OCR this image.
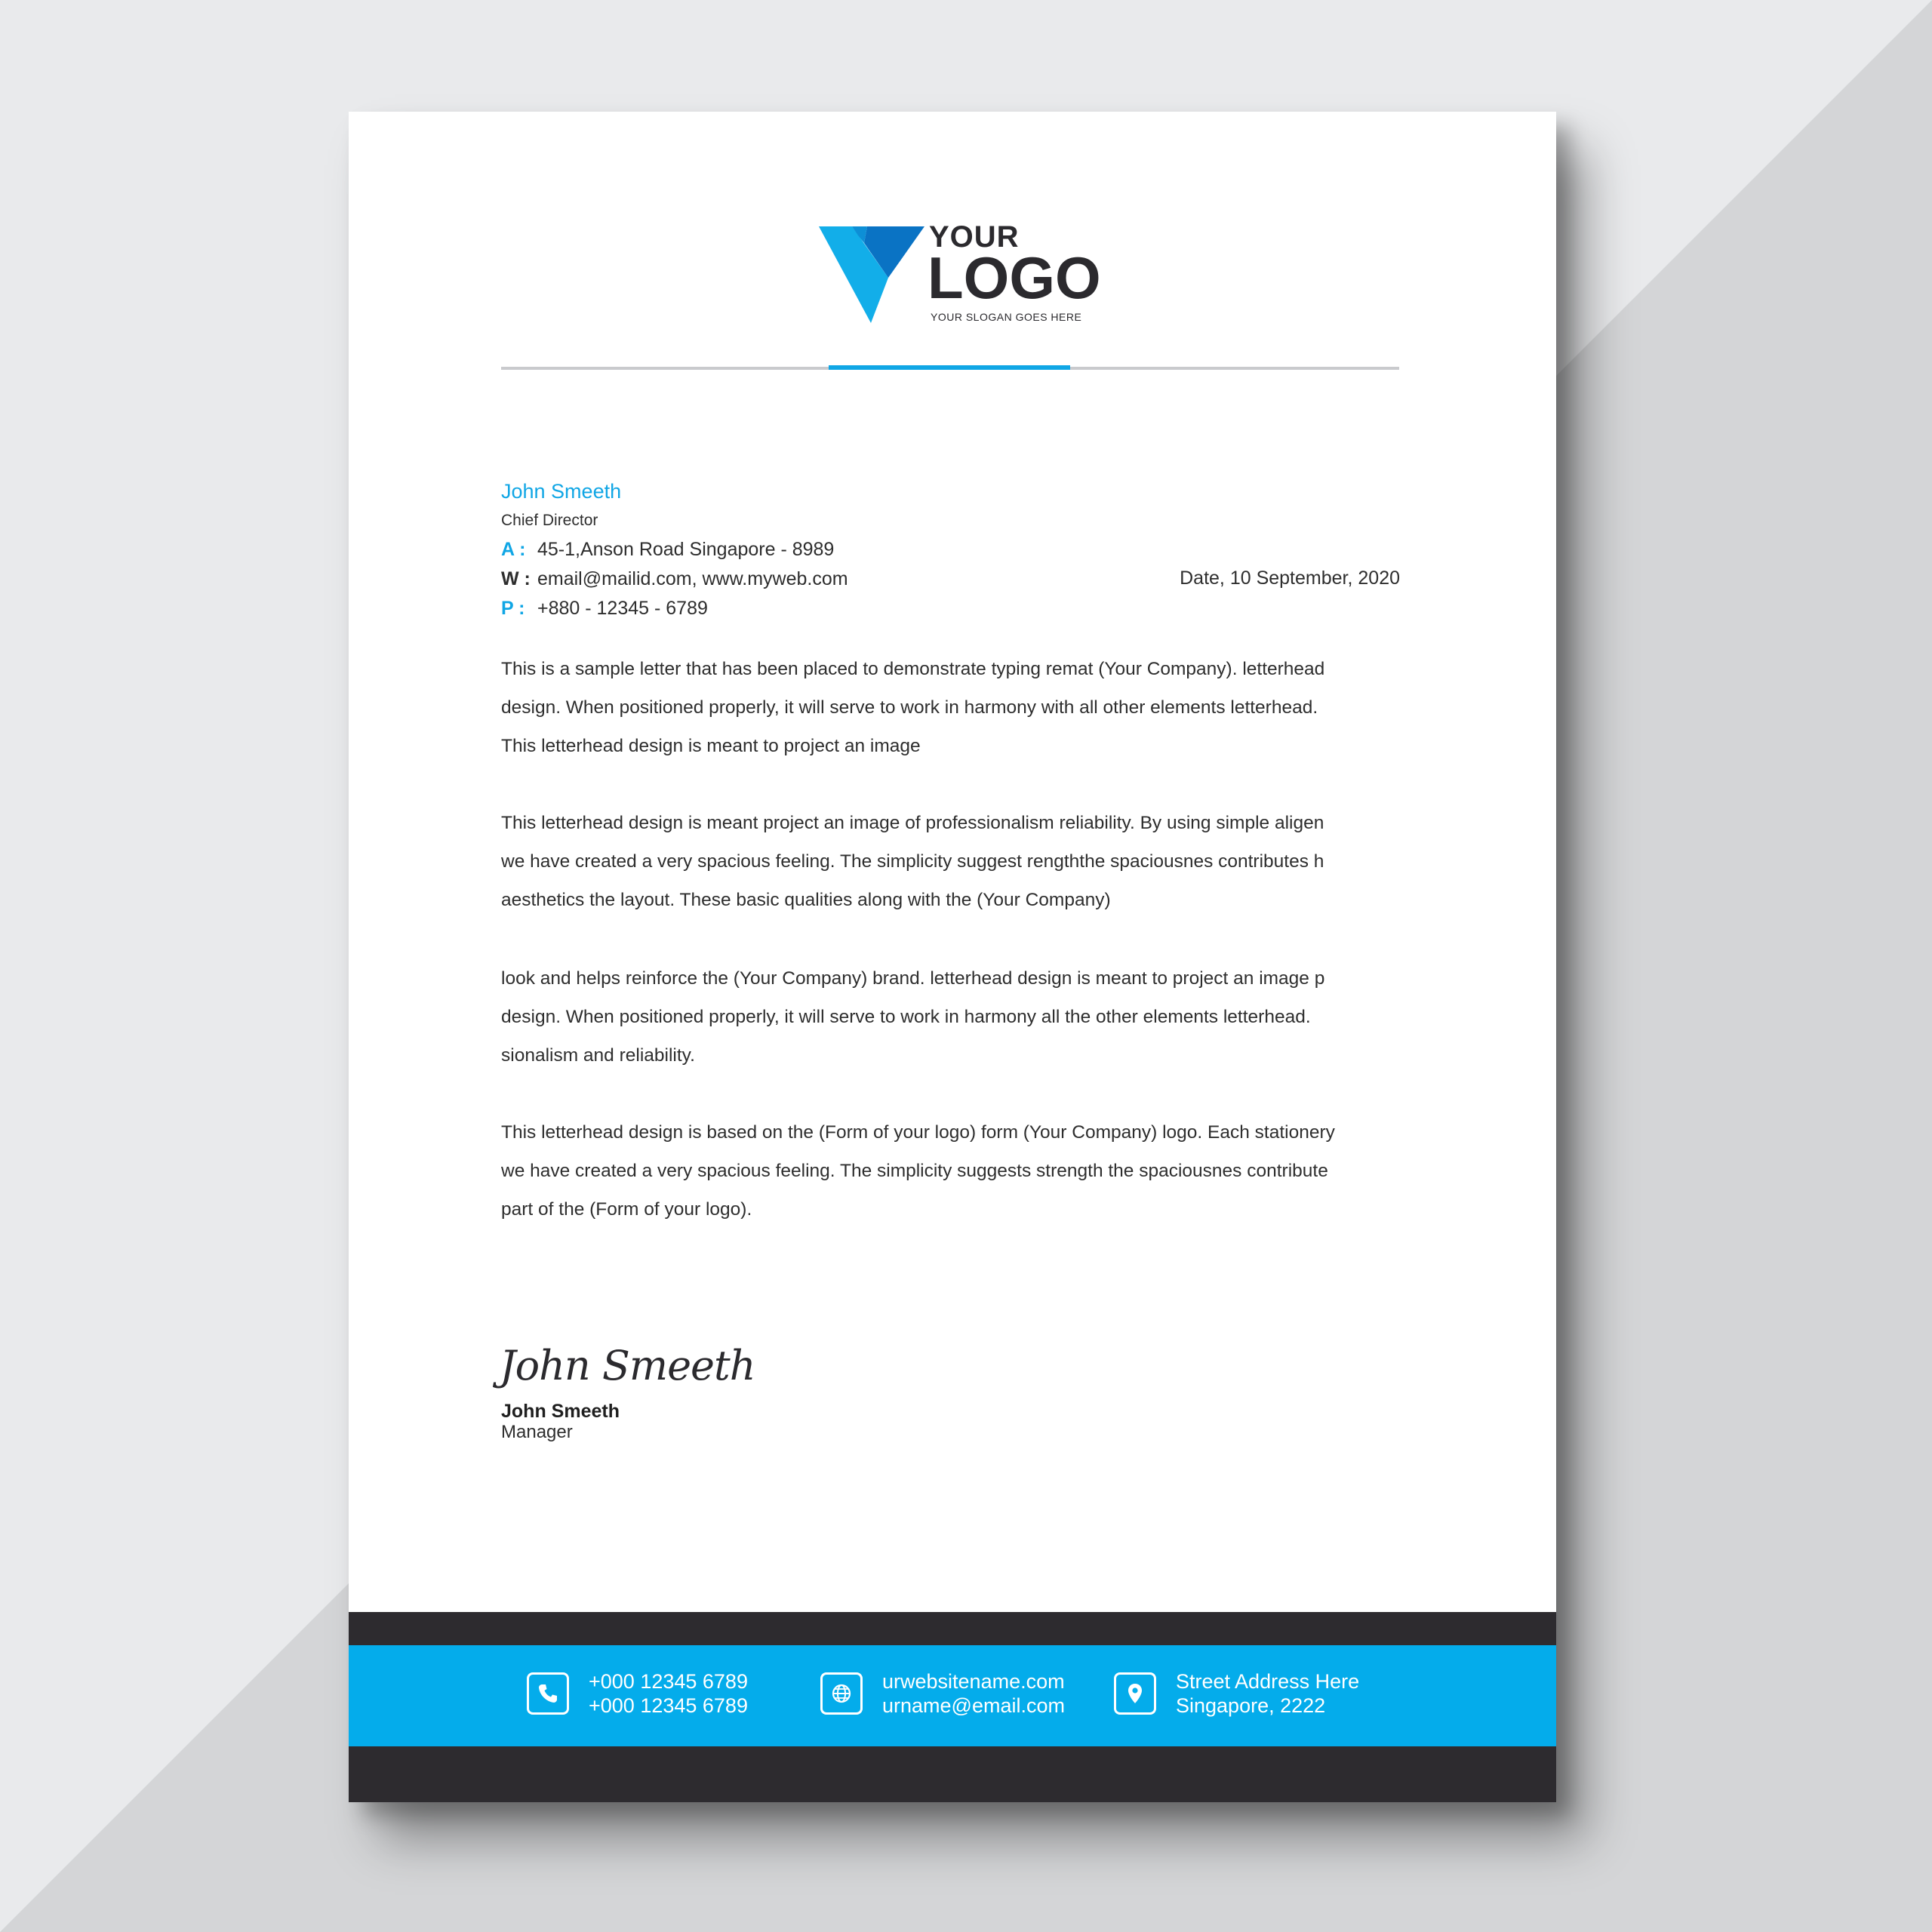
YOUR
LOGO
YOUR SLOGAN GOES HERE
John Smeeth
Chief Director
A : 45-1,Anson Road Singapore - 8989
W : email@mailid.com, www.myweb.com
P : +880 - 12345 - 6789
Date, 10 September, 2020
This is a sample letter that has been placed to demonstrate typing remat (Your Company). letterhead
design. When positioned properly, it will serve to work in harmony with all other elements letterhead.
This letterhead design is meant to project an image
This letterhead design is meant project an image of professionalism reliability. By using simple aligen
we have created a very spacious feeling. The simplicity suggest rengththe spaciousnes contributes h
aesthetics the layout. These basic qualities along with the (Your Company)
look and helps reinforce the (Your Company) brand. letterhead design is meant to project an image p
design. When positioned properly, it will serve to work in harmony all the other elements letterhead.
sionalism and reliability.
This letterhead design is based on the (Form of your logo) form (Your Company) logo. Each stationery
we have created a very spacious feeling. The simplicity suggests strength the spaciousnes contribute
part of the (Form of your logo).
John Smeeth
John Smeeth
Manager
+000 12345 6789
+000 12345 6789
urwebsitename.com
urname@email.com
Street Address Here
Singapore, 2222
